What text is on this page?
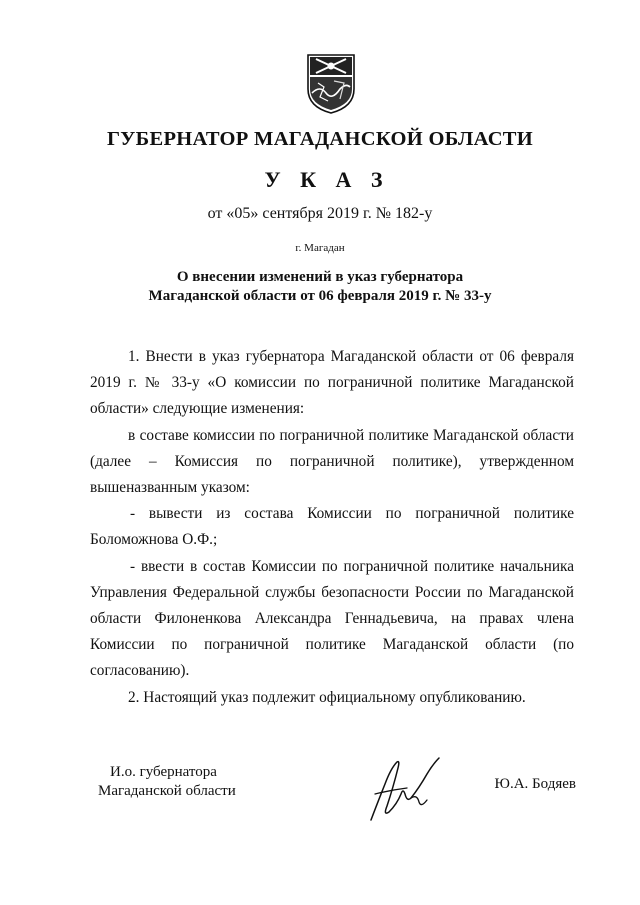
ГУБЕРНАТОР МАГАДАНСКОЙ ОБЛАСТИ
У К А З
от «05» сентября 2019 г. № 182-у
г. Магадан
О внесении изменений в указ губернатора
Магаданской области от 06 февраля 2019 г. № 33-у

1. Внести в указ губернатора Магаданской области от 06 февраля 2019 г. № 33-у «О комиссии по пограничной политике Магаданской области» следующие изменения:

в составе комиссии по пограничной политике Магаданской области (далее – Комиссия по пограничной политике), утвержденном вышеназванным указом:

- вывести из состава Комиссии по пограничной политике Боломожнова О.Ф.;

- ввести в состав Комиссии по пограничной политике начальника Управления Федеральной службы безопасности России по Магаданской области Филоненкова Александра Геннадьевича, на правах члена Комиссии по пограничной политике Магаданской области (по согласованию).

2. Настоящий указ подлежит официальному опубликованию.

И.о. губернатора
Магаданской области	Ю.А. Бодяев
